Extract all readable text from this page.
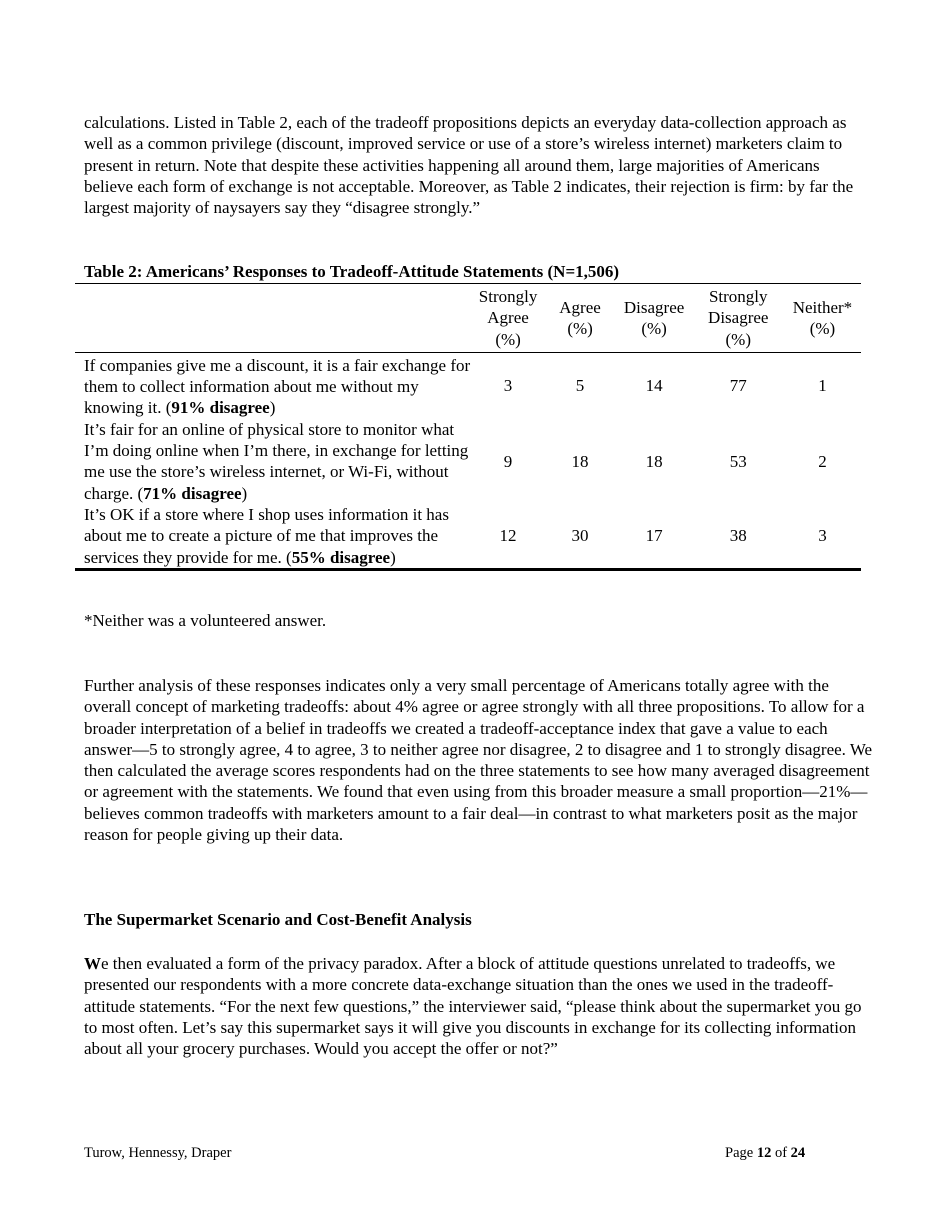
calculations. Listed in Table 2, each of the tradeoff propositions depicts an everyday data-collection approach as well as a common privilege (discount, improved service or use of a store’s wireless internet) marketers claim to present in return. Note that despite these activities happening all around them, large majorities of Americans believe each form of exchange is not acceptable. Moreover, as Table 2 indicates, their rejection is firm: by far the largest majority of naysayers say they “disagree strongly.”

Table 2: Americans’ Responses to Tradeoff-Attitude Statements (N=1,506)
	Strongly
Agree
(%)	Agree
(%)	Disagree
(%)	Strongly
Disagree
(%)	Neither*
(%)
If companies give me a discount, it is a fair exchange for them to collect information about me without my knowing it. (91% disagree)	3	5	14	77	1
It’s fair for an online of physical store to monitor what I’m doing online when I’m there, in exchange for letting me use the store’s wireless internet, or Wi-Fi, without charge. (71% disagree)	9	18	18	53	2
It’s OK if a store where I shop uses information it has about me to create a picture of me that improves the services they provide for me. (55% disagree)	12	30	17	38	3
*Neither was a volunteered answer.

Further analysis of these responses indicates only a very small percentage of Americans totally agree with the overall concept of marketing tradeoffs: about 4% agree or agree strongly with all three propositions. To allow for a broader interpretation of a belief in tradeoffs we created a tradeoff-acceptance index that gave a value to each answer—5 to strongly agree, 4 to agree, 3 to neither agree nor disagree, 2 to disagree and 1 to strongly disagree. We then calculated the average scores respondents had on the three statements to see how many averaged disagreement or agreement with the statements. We found that even using from this broader measure a small proportion—21%—believes common tradeoffs with marketers amount to a fair deal—in contrast to what marketers posit as the major reason for people giving up their data.

The Supermarket Scenario and Cost-Benefit Analysis

We then evaluated a form of the privacy paradox. After a block of attitude questions unrelated to tradeoffs, we presented our respondents with a more concrete data-exchange situation than the ones we used in the tradeoff-attitude statements. “For the next few questions,” the interviewer said, “please think about the supermarket you go to most often. Let’s say this supermarket says it will give you discounts in exchange for its collecting information about all your grocery purchases. Would you accept the offer or not?”

Turow, Hennessy, Draper	Page 12 of 24
